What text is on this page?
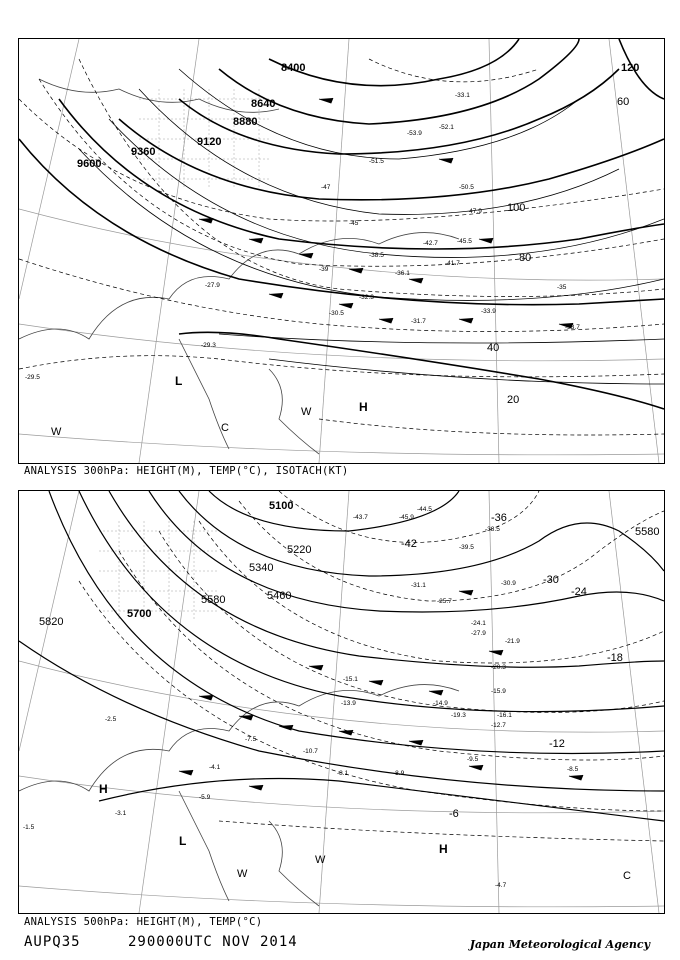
8400
8640
8880
9120
9360
9600
120
100
80
60
40
20
-33.1
-47.9
-53.9
-51.5
-47
-45
-42.7
-41.7
-36.1
-38.5
-31.7
-33.9
-32.3
-29.5
-29.3
-27.9	-35
-39
-30.5
-45.5
-52.1
-50.5
-33.7
H
L
C
W
W
ANALYSIS 300hPa: HEIGHT(M), TEMP(°C), ISOTACH(KT)
5100
5220
5340
5460
5580
5700
5820
5580
-36
-42
-30
-24
-18
-12
-6
-44.5
-43.7	-45.9
-38.5
-39.5
-31.1	-30.9
-25.7
-24.1
-27.9
-21.9
-20.3
-15.9
-16.1
-12.7
-14.9
-19.3
-15.1
-13.9
-10.7
-8.1	-8.9
-9.5
-8.5
-7.5
-4.1
-5.9
-3.1
-2.5
-4.7
-1.5
H
L
H
C
W
W
ANALYSIS 500hPa: HEIGHT(M), TEMP(°C)
AUPQ35	290000UTC NOV 2014	Japan Meteorological Agency
